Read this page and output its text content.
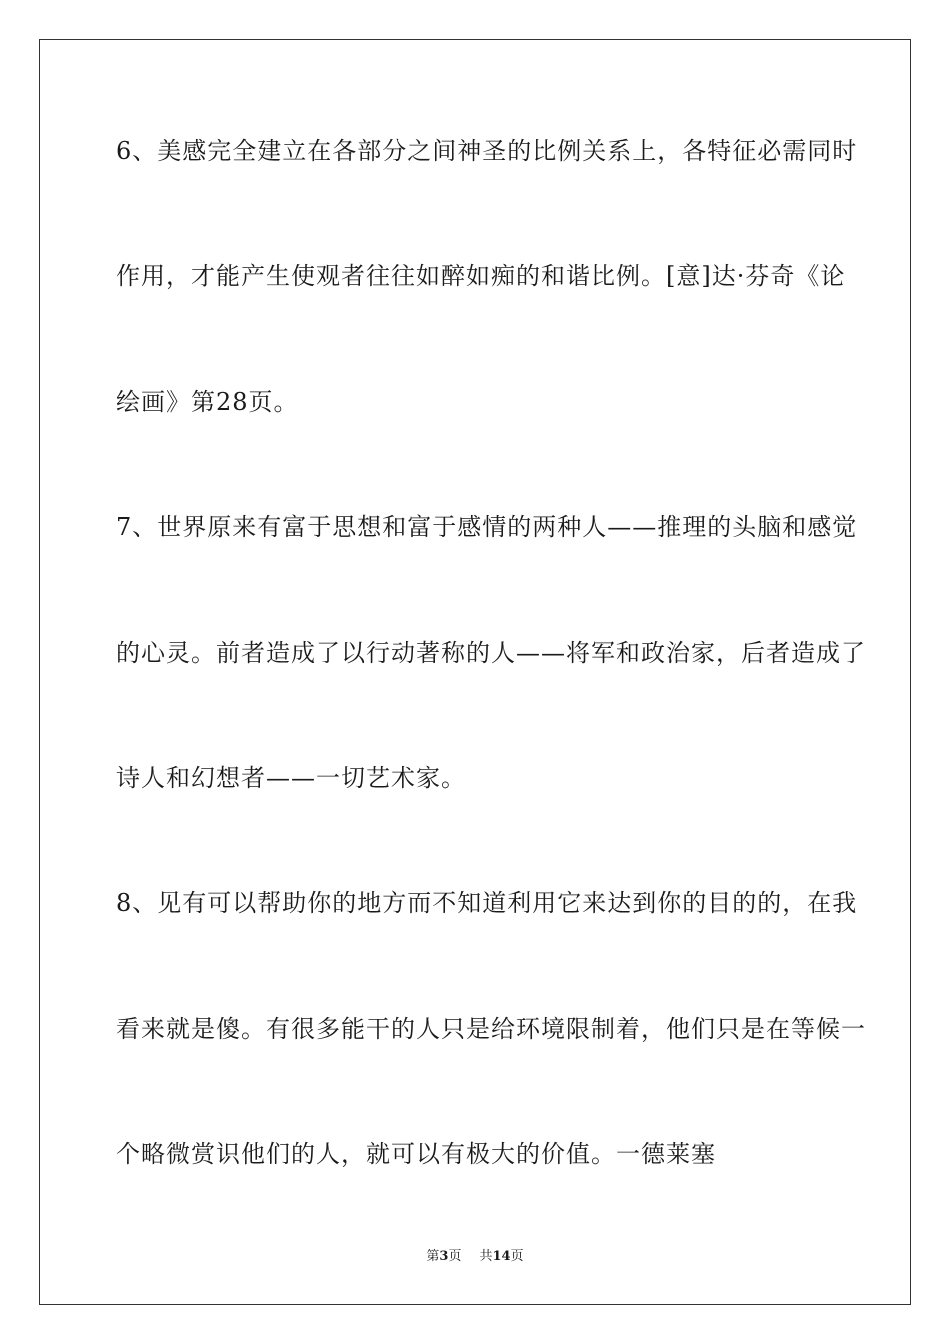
6、美感完全建立在各部分之间神圣的比例关系上，各特征必需同时
作用，才能产生使观者往往如醉如痴的和谐比例。[意]达·芬奇《论
绘画》第28页。
7、世界原来有富于思想和富于感情的两种人——推理的头脑和感觉
的心灵。前者造成了以行动著称的人——将军和政治家，后者造成了
诗人和幻想者——一切艺术家。
8、见有可以帮助你的地方而不知道利用它来达到你的目的的，在我
看来就是傻。有很多能干的人只是给环境限制着，他们只是在等候一
个略微赏识他们的人，就可以有极大的价值。一德莱塞
第3页 共14页
